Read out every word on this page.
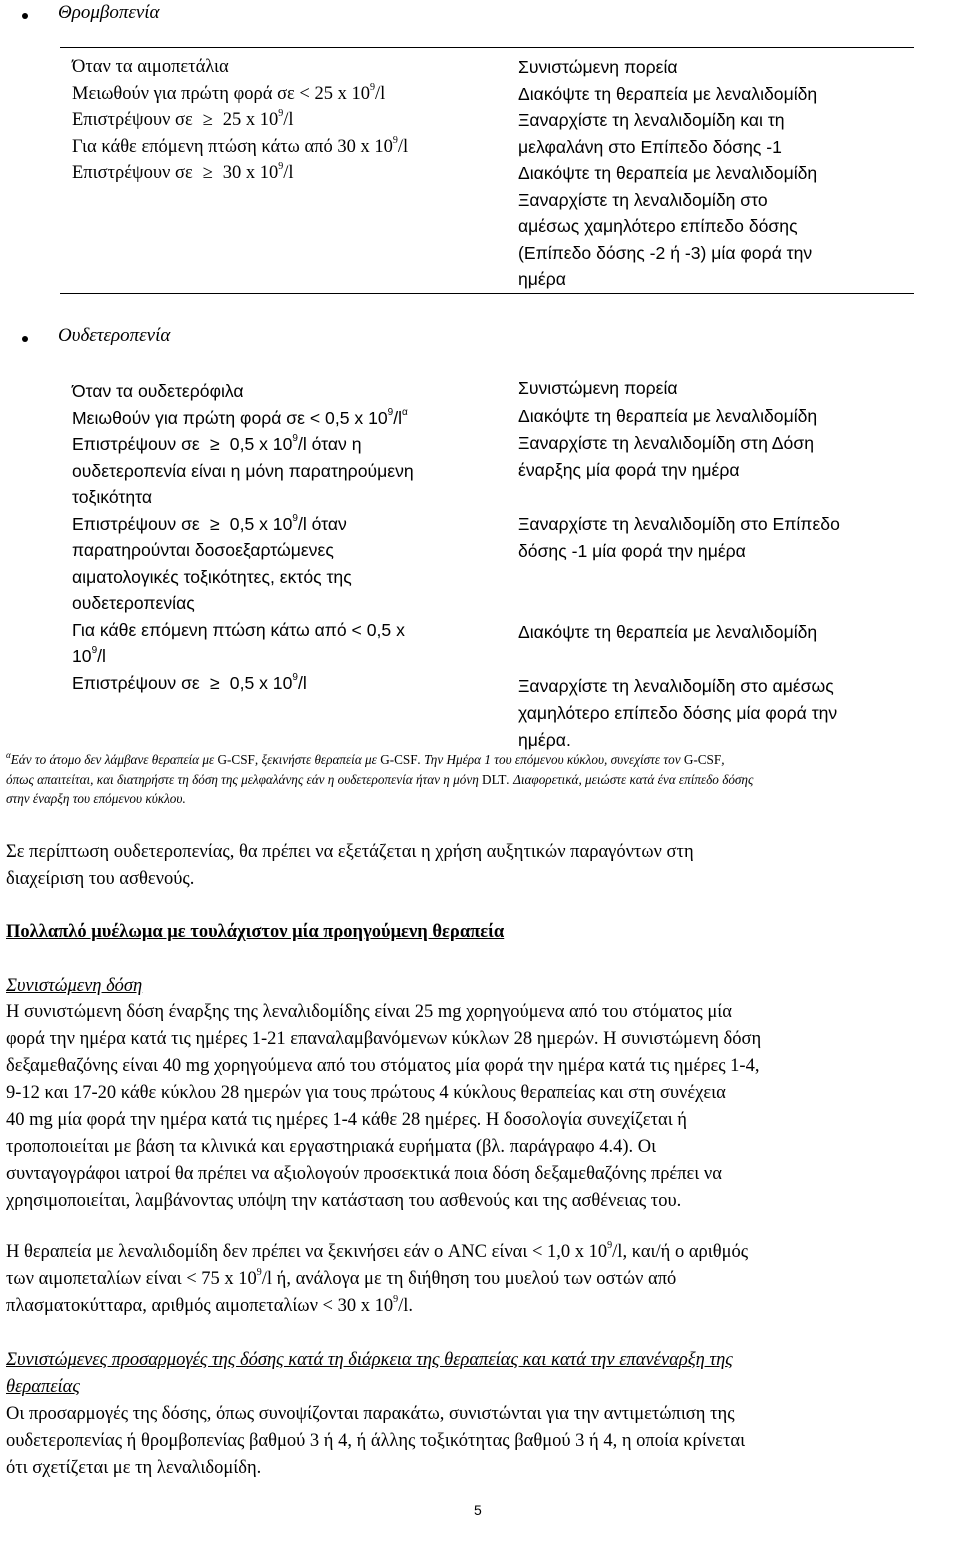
Θρομβοπενία
Όταν τα αιμοπετάλια
Μειωθούν για πρώτη φορά σε < 25 x $10^9/l$
Επιστρέψουν σε ≥ 25 x $10^9/l$
Για κάθε επόμενη πτώση κάτω από 30 x $10^9/l$
Επιστρέψουν σε ≥ 30 x $10^9/l$
Συνιστώμενη πορεία
Διακόψτε τη θεραπεία με λεναλιδομίδη
Ξαναρχίστε τη λεναλιδομίδη και τη
μελφαλάνη στο Επίπεδο δόσης -1
Διακόψτε τη θεραπεία με λεναλιδομίδη
Ξαναρχίστε τη λεναλιδομίδη στο
αμέσως χαμηλότερο επίπεδο δόσης
(Επίπεδο δόσης -2 ή -3) μία φορά την
ημέρα
Ουδετεροπενία
Όταν τα ουδετερόφιλα
Μειωθούν για πρώτη φορά σε < 0,5 x $10^9/l^\alpha$
Επιστρέψουν σε ≥ 0,5 x $10^9/l$ όταν η
ουδετεροπενία είναι η μόνη παρατηρούμενη
τοξικότητα
Επιστρέψουν σε ≥ 0,5 x $10^9/l$ όταν
παρατηρούνται δοσοεξαρτώμενες
αιματολογικές τοξικότητες, εκτός της
ουδετεροπενίας
Για κάθε επόμενη πτώση κάτω από < 0,5 x
$10^9/l$
Επιστρέψουν σε ≥ 0,5 x $10^9/l$
Συνιστώμενη πορεία
Διακόψτε τη θεραπεία με λεναλιδομίδη
Ξαναρχίστε τη λεναλιδομίδη στη Δόση
έναρξης μία φορά την ημέρα
Ξαναρχίστε τη λεναλιδομίδη στο Επίπεδο
δόσης -1 μία φορά την ημέρα
Διακόψτε τη θεραπεία με λεναλιδομίδη
Ξαναρχίστε τη λεναλιδομίδη στο αμέσως
χαμηλότερο επίπεδο δόσης μία φορά την
ημέρα.
$^\alpha$Εάν το άτομο δεν λάμβανε θεραπεία με G-CSF, ξεκινήστε θεραπεία με G-CSF. Την Ημέρα 1 του επόμενου κύκλου, συνεχίστε τον G-CSF,
όπως απαιτείται, και διατηρήστε τη δόση της μελφαλάνης εάν η ουδετεροπενία ήταν η μόνη DLT. Διαφορετικά, μειώστε κατά ένα επίπεδο δόσης
στην έναρξη του επόμενου κύκλου.
Σε περίπτωση ουδετεροπενίας, θα πρέπει να εξετάζεται η χρήση αυξητικών παραγόντων στη
διαχείριση του ασθενούς.
Πολλαπλό μυέλωμα με τουλάχιστον μία προηγούμενη θεραπεία
Συνιστώμενη δόση
Η συνιστώμενη δόση έναρξης της λεναλιδομίδης είναι 25 mg χορηγούμενα από του στόματος μία
φορά την ημέρα κατά τις ημέρες 1-21 επαναλαμβανόμενων κύκλων 28 ημερών. Η συνιστώμενη δόση
δεξαμεθαζόνης είναι 40 mg χορηγούμενα από του στόματος μία φορά την ημέρα κατά τις ημέρες 1-4,
9-12 και 17-20 κάθε κύκλου 28 ημερών για τους πρώτους 4 κύκλους θεραπείας και στη συνέχεια
40 mg μία φορά την ημέρα κατά τις ημέρες 1-4 κάθε 28 ημέρες. Η δοσολογία συνεχίζεται ή
τροποποιείται με βάση τα κλινικά και εργαστηριακά ευρήματα (βλ. παράγραφο 4.4). Οι
συνταγογράφοι ιατροί θα πρέπει να αξιολογούν προσεκτικά ποια δόση δεξαμεθαζόνης πρέπει να
χρησιμοποιείται, λαμβάνοντας υπόψη την κατάσταση του ασθενούς και της ασθένειας του.
Η θεραπεία με λεναλιδομίδη δεν πρέπει να ξεκινήσει εάν ο ANC είναι < 1,0 x $10^9/l$, και/ή ο αριθμός
των αιμοπεταλίων είναι < 75 x $10^9/l$ ή, ανάλογα με τη διήθηση του μυελού των οστών από
πλασματοκύτταρα, αριθμός αιμοπεταλίων < 30 x $10^9/l$.
Συνιστώμενες προσαρμογές της δόσης κατά τη διάρκεια της θεραπείας και κατά την επανέναρξη της
θεραπείας
Οι προσαρμογές της δόσης, όπως συνοψίζονται παρακάτω, συνιστώνται για την αντιμετώπιση της
ουδετεροπενίας ή θρομβοπενίας βαθμού 3 ή 4, ή άλλης τοξικότητας βαθμού 3 ή 4, η οποία κρίνεται
ότι σχετίζεται με τη λεναλιδομίδη.
5
